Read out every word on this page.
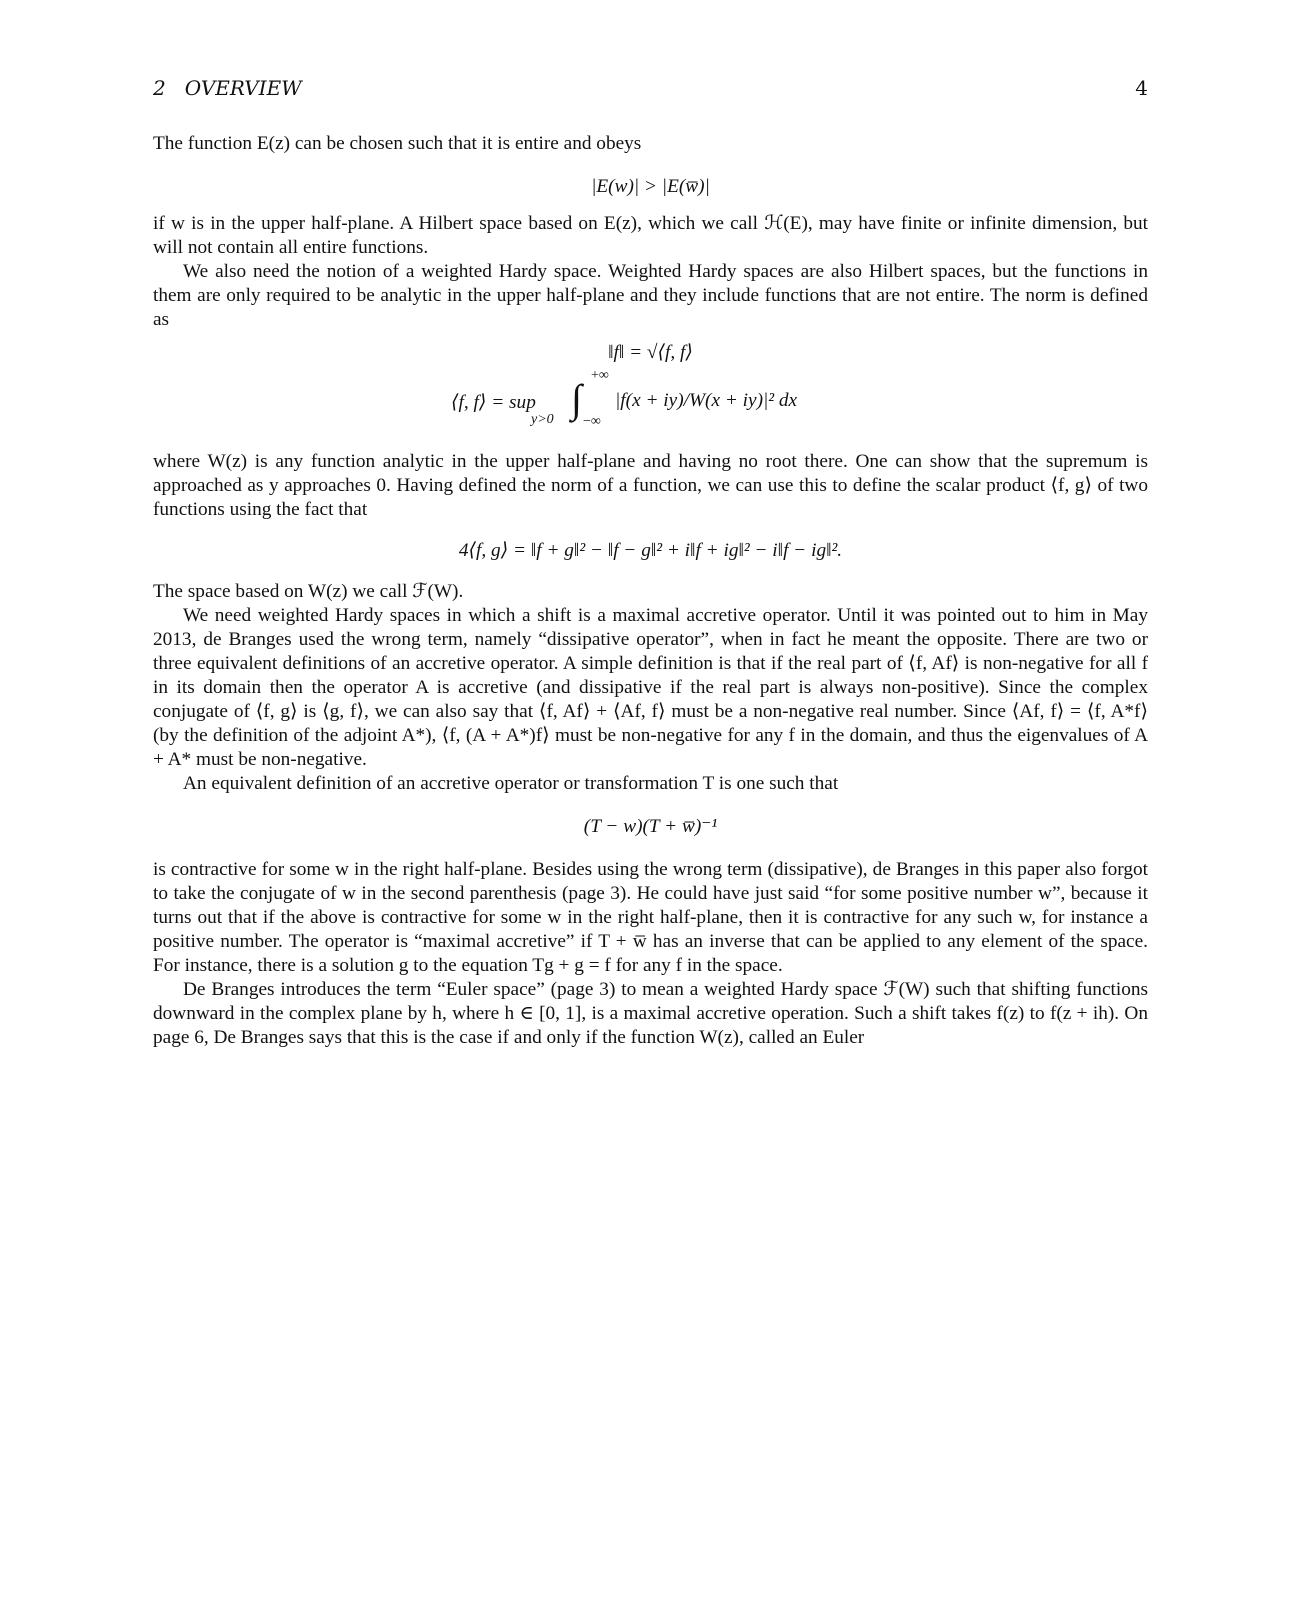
2   OVERVIEW	4

The function E(z) can be chosen such that it is entire and obeys

|E(w)| > |E(w̅)|

if w is in the upper half-plane. A Hilbert space based on E(z), which we call ℋ(E), may have finite or infinite dimension, but will not contain all entire functions.

We also need the notion of a weighted Hardy space. Weighted Hardy spaces are also Hilbert spaces, but the functions in them are only required to be analytic in the upper half-plane and they include functions that are not entire. The norm is defined as

‖f‖ = √⟨f, f⟩
⟨f, f⟩ = sup
y>0 ∫
+∞
−∞
|f(x + iy)/W(x + iy)|² dx

where W(z) is any function analytic in the upper half-plane and having no root there. One can show that the supremum is approached as y approaches 0. Having defined the norm of a function, we can use this to define the scalar product ⟨f, g⟩ of two functions using the fact that

4⟨f, g⟩ = ‖f + g‖² − ‖f − g‖² + i‖f + ig‖² − i‖f − ig‖².

The space based on W(z) we call ℱ(W).

We need weighted Hardy spaces in which a shift is a maximal accretive operator. Until it was pointed out to him in May 2013, de Branges used the wrong term, namely “dissipative operator”, when in fact he meant the opposite. There are two or three equivalent definitions of an accretive operator. A simple definition is that if the real part of ⟨f, Af⟩ is non-negative for all f in its domain then the operator A is accretive (and dissipative if the real part is always non-positive). Since the complex conjugate of ⟨f, g⟩ is ⟨g, f⟩, we can also say that ⟨f, Af⟩ + ⟨Af, f⟩ must be a non-negative real number. Since ⟨Af, f⟩ = ⟨f, A*f⟩ (by the definition of the adjoint A*), ⟨f, (A + A*)f⟩ must be non-negative for any f in the domain, and thus the eigenvalues of A + A* must be non-negative.

An equivalent definition of an accretive operator or transformation T is one such that

(T − w)(T + w̅)⁻¹

is contractive for some w in the right half-plane. Besides using the wrong term (dissipative), de Branges in this paper also forgot to take the conjugate of w in the second parenthesis (page 3). He could have just said “for some positive number w”, because it turns out that if the above is contractive for some w in the right half-plane, then it is contractive for any such w, for instance a positive number. The operator is “maximal accretive” if T + w̅ has an inverse that can be applied to any element of the space. For instance, there is a solution g to the equation Tg + g = f for any f in the space.

De Branges introduces the term “Euler space” (page 3) to mean a weighted Hardy space ℱ(W) such that shifting functions downward in the complex plane by h, where h ∈ [0, 1], is a maximal accretive operation. Such a shift takes f(z) to f(z + ih). On page 6, De Branges says that this is the case if and only if the function W(z), called an Euler
